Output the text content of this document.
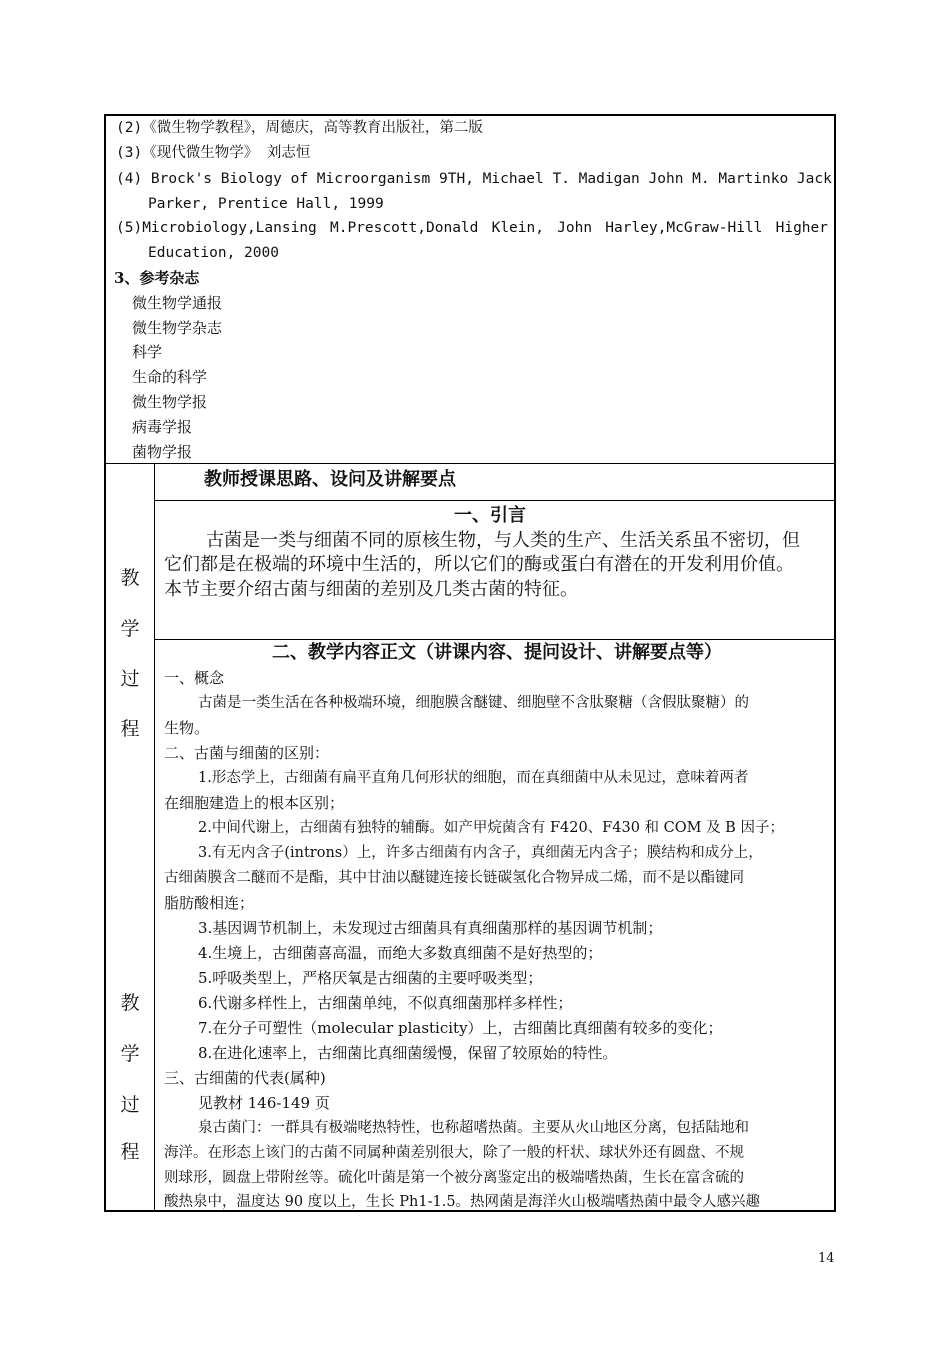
(2)《微生物学教程》，周德庆，高等教育出版社，第二版
(3)《现代微生物学》 刘志恒
(4) Brock's Biology of Microorganism 9TH, Michael T. Madigan John M. Martinko Jack
Parker, Prentice Hall, 1999
(5)Microbiology,Lansing M.Prescott,Donald Klein, John Harley,McGraw-Hill Higher
Education, 2000
3、参考杂志
微生物学通报
微生物学杂志
科学
生命的科学
微生物学报
病毒学报
菌物学报
教师授课思路、设问及讲解要点
教
学
过
程
教
学
过
程
一、引言
古菌是一类与细菌不同的原核生物，与人类的生产、生活关系虽不密切，但
它们都是在极端的环境中生活的，所以它们的酶或蛋白有潜在的开发利用价值。
本节主要介绍古菌与细菌的差别及几类古菌的特征。
二、教学内容正文（讲课内容、提问设计、讲解要点等）
一、概念
古菌是一类生活在各种极端环境，细胞膜含醚键、细胞壁不含肽聚糖（含假肽聚糖）的
生物。
二、古菌与细菌的区别：
1.形态学上，古细菌有扁平直角几何形状的细胞，而在真细菌中从未见过，意味着两者
在细胞建造上的根本区别；
2.中间代谢上，古细菌有独特的辅酶。如产甲烷菌含有 F420、F430 和 COM 及 B 因子；
3.有无内含子(introns）上，许多古细菌有内含子，真细菌无内含子；膜结构和成分上，
古细菌膜含二醚而不是酯，其中甘油以醚键连接长链碳氢化合物异成二烯，而不是以酯键同
脂肪酸相连；
3.基因调节机制上，未发现过古细菌具有真细菌那样的基因调节机制；
4.生境上，古细菌喜高温，而绝大多数真细菌不是好热型的；
5.呼吸类型上，严格厌氧是古细菌的主要呼吸类型；
6.代谢多样性上，古细菌单纯，不似真细菌那样多样性；
7.在分子可塑性（molecular plasticity）上，古细菌比真细菌有较多的变化；
8.在进化速率上，古细菌比真细菌缓慢，保留了较原始的特性。
三、古细菌的代表(属种)
见教材 146-149 页
泉古菌门：一群具有极端咾热特性，也称超嗜热菌。主要从火山地区分离，包括陆地和
海洋。在形态上该门的古菌不同属种菌差别很大，除了一般的杆状、球状外还有圆盘、不规
则球形，圆盘上带附丝等。硫化叶菌是第一个被分离鉴定出的极端嗜热菌，生长在富含硫的
酸热泉中，温度达 90 度以上，生长 Ph1-1.5。热网菌是海洋火山极端嗜热菌中最令人感兴趣
14
